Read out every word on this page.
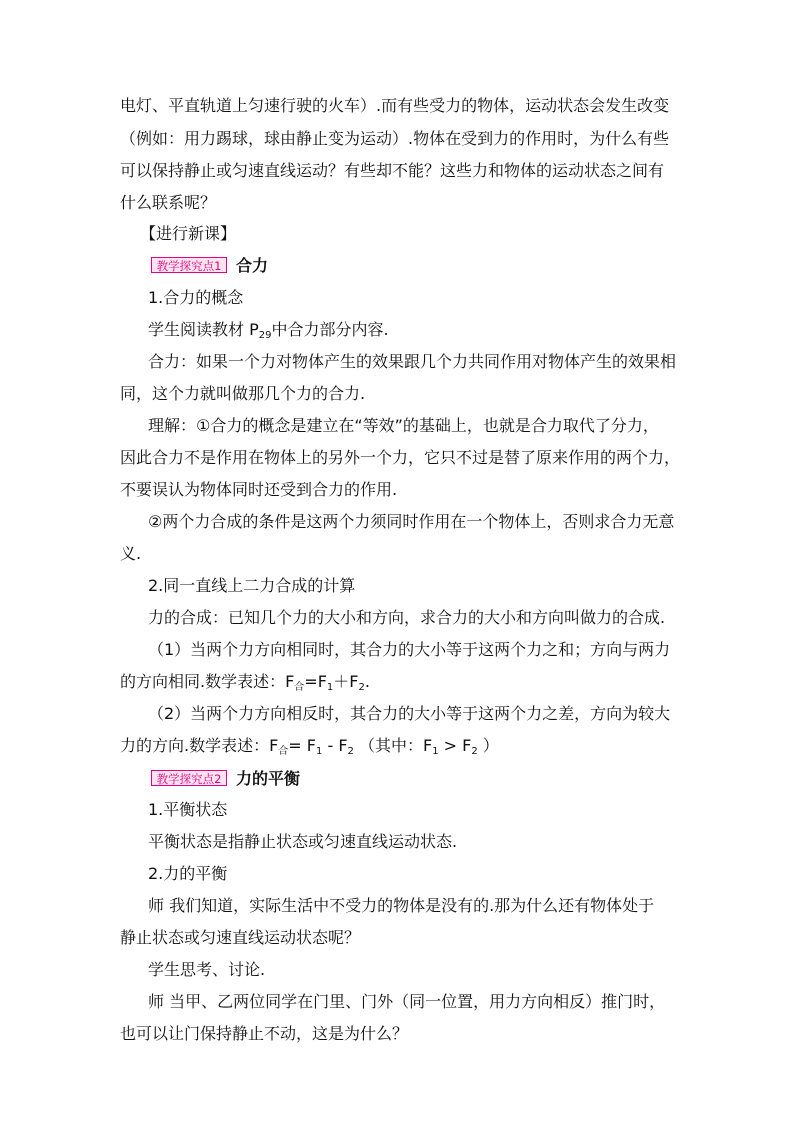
电灯、平直轨道上匀速行驶的火车）.而有些受力的物体，运动状态会发生改变
（例如：用力踢球，球由静止变为运动）.物体在受到力的作用时，为什么有些
可以保持静止或匀速直线运动？有些却不能？这些力和物体的运动状态之间有
什么联系呢？
【进行新课】
教学探究点1 合力
1.合力的概念
学生阅读教材 $P_{29}$中合力部分内容.
合力：如果一个力对物体产生的效果跟几个力共同作用对物体产生的效果相
同，这个力就叫做那几个力的合力.
理解：①合力的概念是建立在“等效”的基础上，也就是合力取代了分力，
因此合力不是作用在物体上的另外一个力，它只不过是替了原来作用的两个力，
不要误认为物体同时还受到合力的作用.
②两个力合成的条件是这两个力须同时作用在一个物体上，否则求合力无意
义.
2.同一直线上二力合成的计算
力的合成：已知几个力的大小和方向，求合力的大小和方向叫做力的合成.
（1）当两个力方向相同时，其合力的大小等于这两个力之和；方向与两力
的方向相同.数学表述：$F_合=F_1+F_2$.
（2）当两个力方向相反时，其合力的大小等于这两个力之差，方向为较大
力的方向.数学表述：$F_合= F_1 - F_2$ （其中：$F_1 > F_2$ ）
教学探究点2 力的平衡
1.平衡状态
平衡状态是指静止状态或匀速直线运动状态.
2.力的平衡
师 我们知道，实际生活中不受力的物体是没有的.那为什么还有物体处于
静止状态或匀速直线运动状态呢？
学生思考、讨论.
师 当甲、乙两位同学在门里、门外（同一位置，用力方向相反）推门时，
也可以让门保持静止不动，这是为什么？
